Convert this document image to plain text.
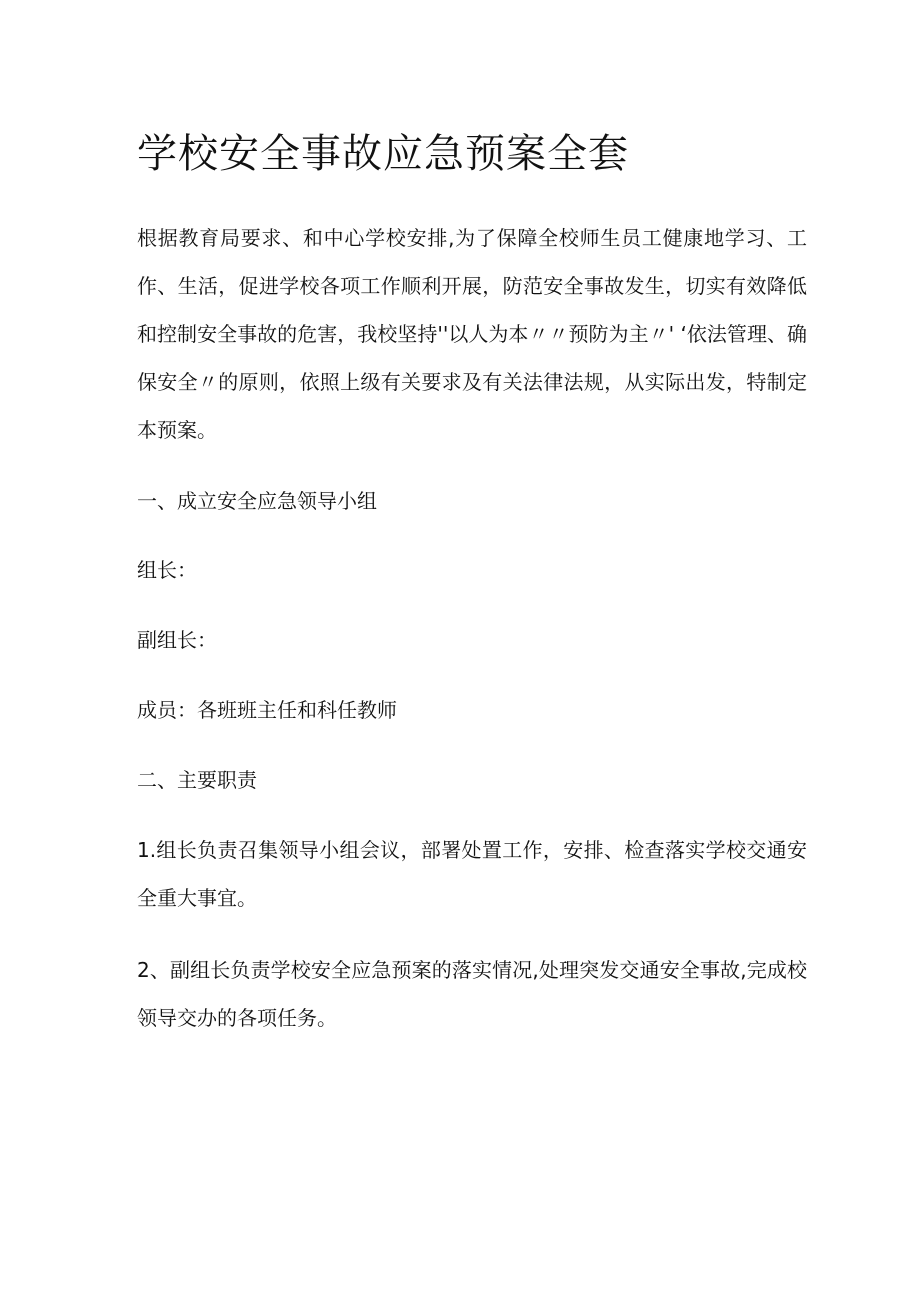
学校安全事故应急预案全套

根据教育局要求、和中心学校安排,为了保障全校师生员工健康地学习、工作、生活，促进学校各项工作顺利开展，防范安全事故发生，切实有效降低和控制安全事故的危害，我校坚持''以人为本〃〃预防为主〃' ‘依法管理、确保安全〃的原则，依照上级有关要求及有关法律法规，从实际出发，特制定本预案。

一、成立安全应急领导小组

组长：

副组长：

成员：各班班主任和科任教师

二、主要职责

1.组长负责召集领导小组会议，部署处置工作，安排、检查落实学校交通安全重大事宜。

2、副组长负责学校安全应急预案的落实情况,处理突发交通安全事故,完成校领导交办的各项任务。
